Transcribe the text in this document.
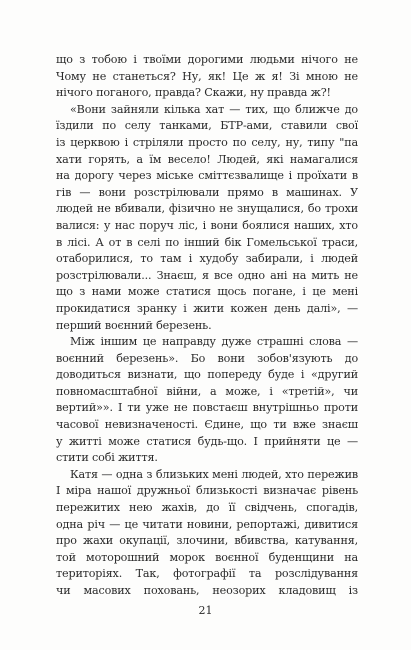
що з тобою і твоїми дорогими людьми нічого не
Чому не станеться? Ну, як! Це ж я! Зі мною не
нічого поганого, правда? Скажи, ну правда ж?!
«Вони зайняли кілька хат — тих, що ближче до
їздили по селу танками, БТР-ами, ставили свої
із церквою і стріляли просто по селу, ну, типу "па
хати горять, а їм весело! Людей, які намагалися
на дорогу через міське сміттєзвалище і проїхати в
гів — вони розстрілювали прямо в машинах. У
людей не вбивали, фізично не знущалися, бо трохи
валися: у нас поруч ліс, і вони боялися наших, хто
в лісі. А от в селі по інший бік Гомельської траси,
отаборилися, то там і худобу забирали, і людей
розстрілювали... Знаєш, я все одно ані на мить не
що з нами може статися щось погане, і це мені
прокидатися зранку і жити кожен день далі», —
перший воєнний березень.
Між іншим це направду дуже страшні слова —
воєнний березень». Бо вони зобов'язують до
доводиться визнати, що попереду буде і «другий
повномасштабної війни, а може, і «третій», чи
вертий»». І ти уже не повстаєш внутрішньо проти
часової невизначеності. Єдине, що ти вже знаєш
у житті може статися будь-що. І прийняти це —
стити собі життя.
Катя — одна з близьких мені людей, хто пережив
І міра нашої дружньої близькості визначає рівень
пережитих нею жахів, до її свідчень, спогадів,
одна річ — це читати новини, репортажі, дивитися
про жахи окупації, злочини, вбивства, катування,
той моторошний морок воєнної буденщини на
територіях. Так, фотографії та розслідування
чи масових поховань, неозорих кладовищ із
21
